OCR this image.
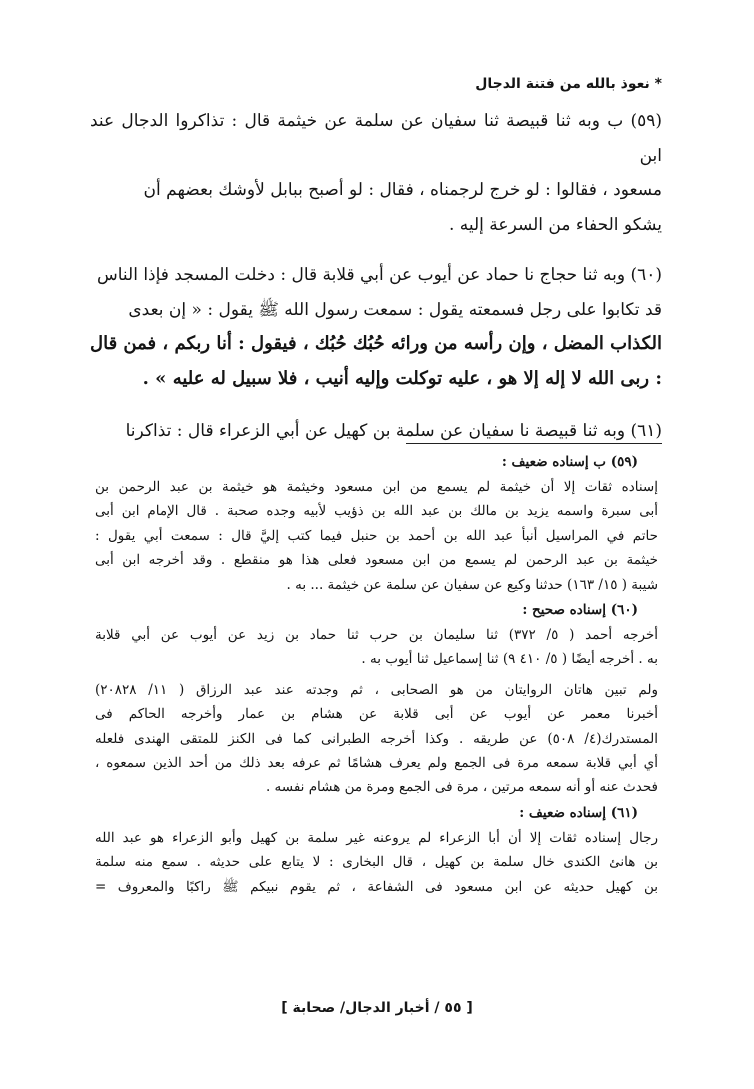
* نعوذ بالله من فتنة الدجال
(٥٩) ب وبه ثنا قبيصة ثنا سفيان عن سلمة عن خيثمة قال : تذاكروا الدجال عند ابن
مسعود ، فقالوا : لو خرج لرجمناه ، فقال : لو أصبح ببابل لأوشك بعضهم أن
يشكو الحفاء من السرعة إليه .
(٦٠) وبه ثنا حجاج نا حماد عن أيوب عن أبي قلابة قال : دخلت المسجد فإذا الناس
قد تكابوا على رجل فسمعته يقول : سمعت رسول الله ﷺ يقول : « إن بعدى
الكذاب المضل ، وإن رأسه من ورائه حُبُك حُبُك ، فيقول : أنا ربكم ، فمن قال
: ربى الله لا إله إلا هو ، عليه توكلت وإليه أنيب ، فلا سبيل له عليه » .
(٦١) وبه ثنا قبيصة نا سفيان عن سلمة بن كهيل عن أبي الزعراء قال : تذاكرنا
(٥٩) ب إسناده ضعيف :
إسناده ثقات إلا أن خيثمة لم يسمع من ابن مسعود وخيثمة هو خيثمة بن عبد الرحمن بن
أبى سبرة واسمه يزيد بن مالك بن عبد الله بن ذؤيب لأبيه وجده صحبة . قال الإمام ابن أبى
حاتم في المراسيل أنبأ عبد الله بن أحمد بن حنبل فيما كتب إليَّ قال : سمعت أبي يقول :
خيثمة بن عبد الرحمن لم يسمع من ابن مسعود فعلى هذا هو منقطع . وقد أخرجه ابن أبى
شيبة ( ١٥/ ١٦٣) حدثنا وكيع عن سفيان عن سلمة عن خيثمة ... به .
(٦٠) إسناده صحيح :
أخرجه أحمد ( ٥/ ٣٧٢) ثنا سليمان بن حرب ثنا حماد بن زيد عن أيوب عن أبي قلابة
به . أخرجه أيضًا ( ٥/ ٤١٠ ٩) ثنا إسماعيل ثنا أيوب به .
ولم تبين هاتان الروايتان من هو الصحابى ، ثم وجدته عند عبد الرزاق ( ١١/ ٢٠٨٢٨)
أخبرنا معمر عن أيوب عن أبى قلابة عن هشام بن عمار وأخرجه الحاكم فى
المستدرك(٤/ ٥٠٨) عن طريقه . وكذا أخرجه الطبرانى كما فى الكنز للمتقى الهندى فلعله
أي أبي قلابة سمعه مرة فى الجمع ولم يعرف هشامًا ثم عرفه بعد ذلك من أحد الذين سمعوه ،
فحدث عنه أو أنه سمعه مرتين ، مرة فى الجمع ومرة من هشام نفسه .
(٦١) إسناده ضعيف :
رجال إسناده ثقات إلا أن أبا الزعراء لم يروعنه غير سلمة بن كهيل وأبو الزعراء هو عبد الله
بن هانئ الكندى خال سلمة بن كهيل ، قال البخارى : لا يتابع على حديثه . سمع منه سلمة
بن كهيل حديثه عن ابن مسعود فى الشفاعة ، ثم يقوم نبيكم ﷺ راكبًا والمعروف =
[ ٥٥ / أخبار الدجال/ صحابة ]
